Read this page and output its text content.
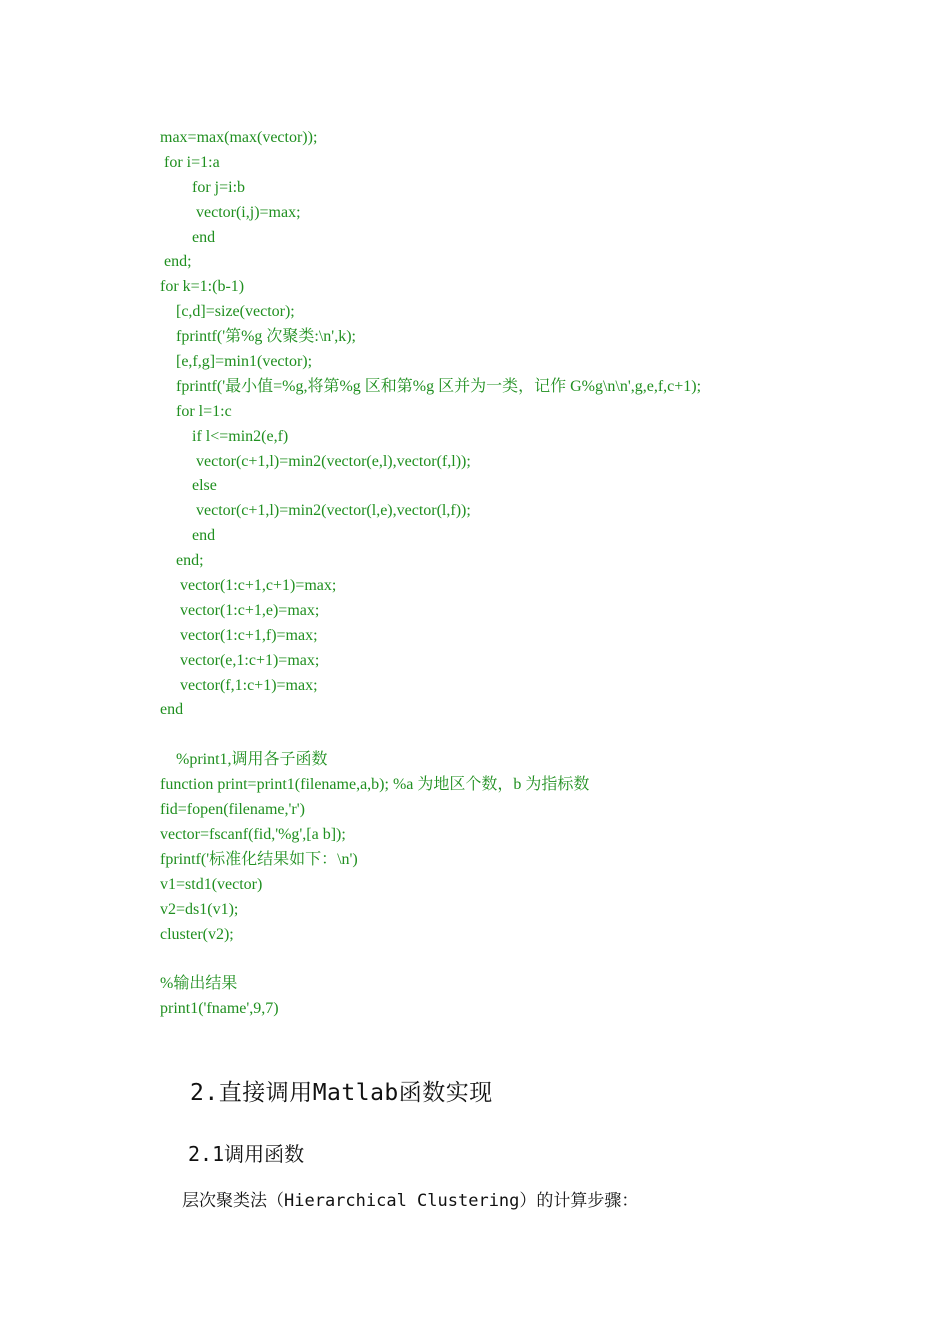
max=max(max(vector));
for i=1:a
for j=i:b
vector(i,j)=max;
end
end;
for k=1:(b-1)
[c,d]=size(vector);
fprintf('第%g 次聚类:\n',k);
[e,f,g]=min1(vector);
fprintf('最小值=%g,将第%g 区和第%g 区并为一类，记作 G%g\n\n',g,e,f,c+1);
for l=1:c
if l<=min2(e,f)
vector(c+1,l)=min2(vector(e,l),vector(f,l));
else
vector(c+1,l)=min2(vector(l,e),vector(l,f));
end
end;
vector(1:c+1,c+1)=max;
vector(1:c+1,e)=max;
vector(1:c+1,f)=max;
vector(e,1:c+1)=max;
vector(f,1:c+1)=max;
end
%print1,调用各子函数
function print=print1(filename,a,b); %a 为地区个数，b 为指标数
fid=fopen(filename,'r')
vector=fscanf(fid,'%g',[a b]);
fprintf('标准化结果如下：\n')
v1=std1(vector)
v2=ds1(v1);
cluster(v2);
%输出结果
print1('fname',9,7)
2.直接调用Matlab函数实现
2.1调用函数
层次聚类法（Hierarchical Clustering）的计算步骤：
